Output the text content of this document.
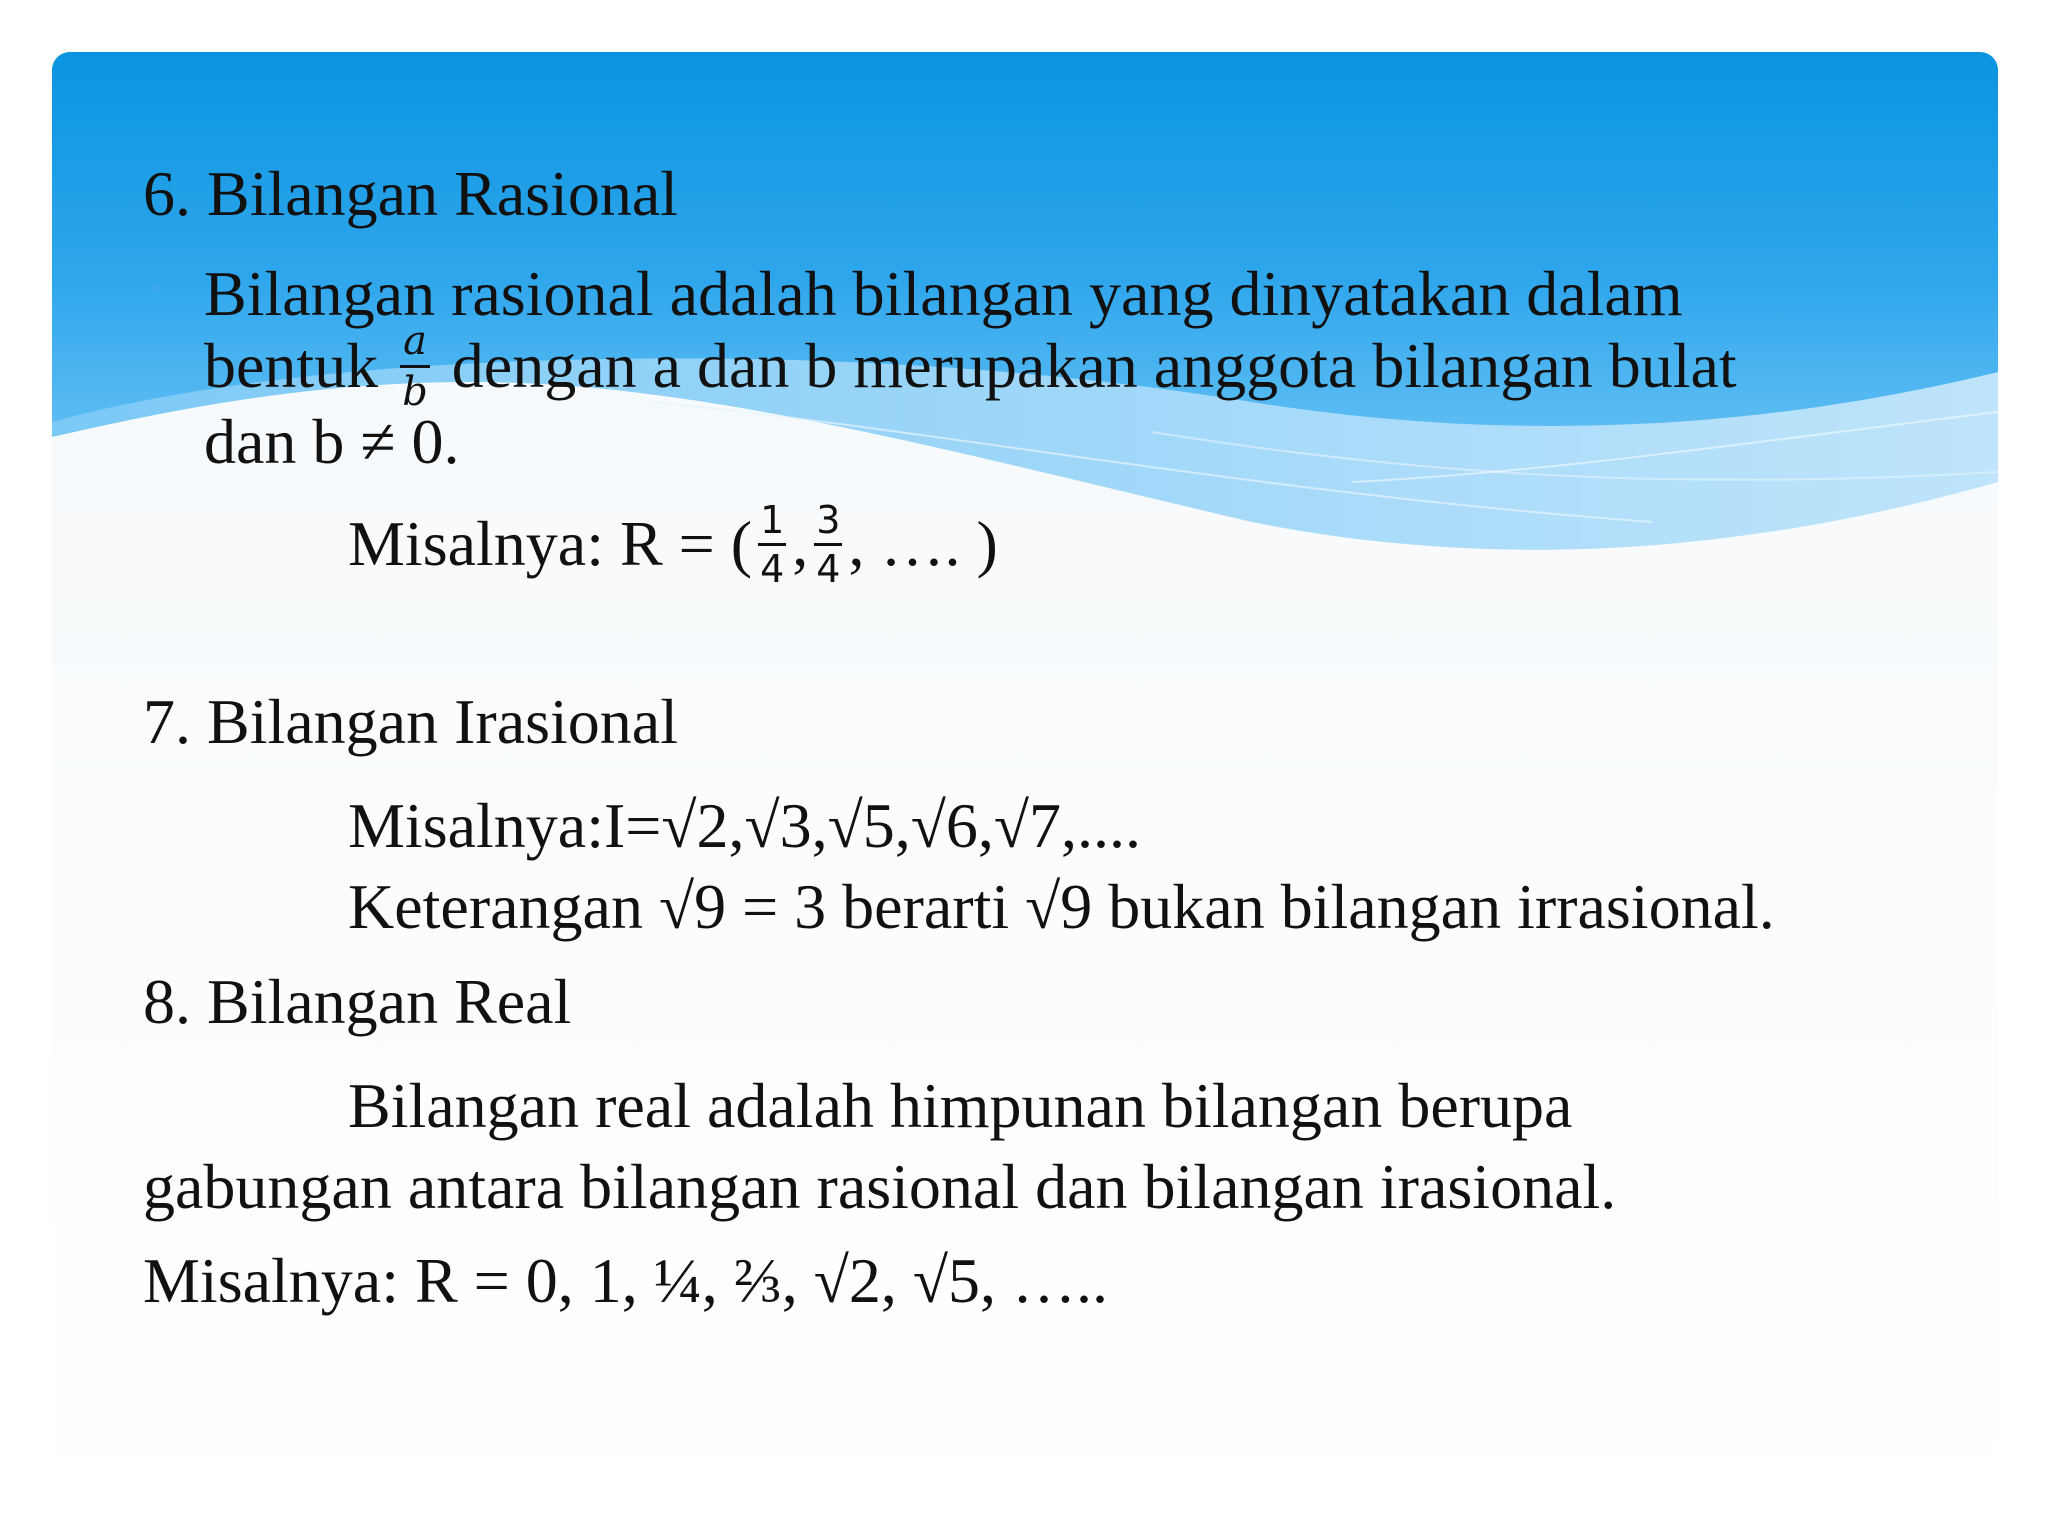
6. Bilangan Rasional
• Bilangan rasional adalah bilangan yang dinyatakan dalam
bentuk $\frac{a}{b}$ dengan a dan b merupakan anggota bilangan bulat
dan b ≠ 0.
Misalnya: R = ( $\frac{1}{4}$ , $\frac{3}{4}$ , …. )
7. Bilangan Irasional
Misalnya:I=√2,√3,√5,√6,√7,....
Keterangan √9 = 3 berarti √9 bukan bilangan irrasional.
8. Bilangan Real
Bilangan real adalah himpunan bilangan berupa
gabungan antara bilangan rasional dan bilangan irasional.
Misalnya: R = 0, 1, ¼, ⅔, √2, √5, …..
